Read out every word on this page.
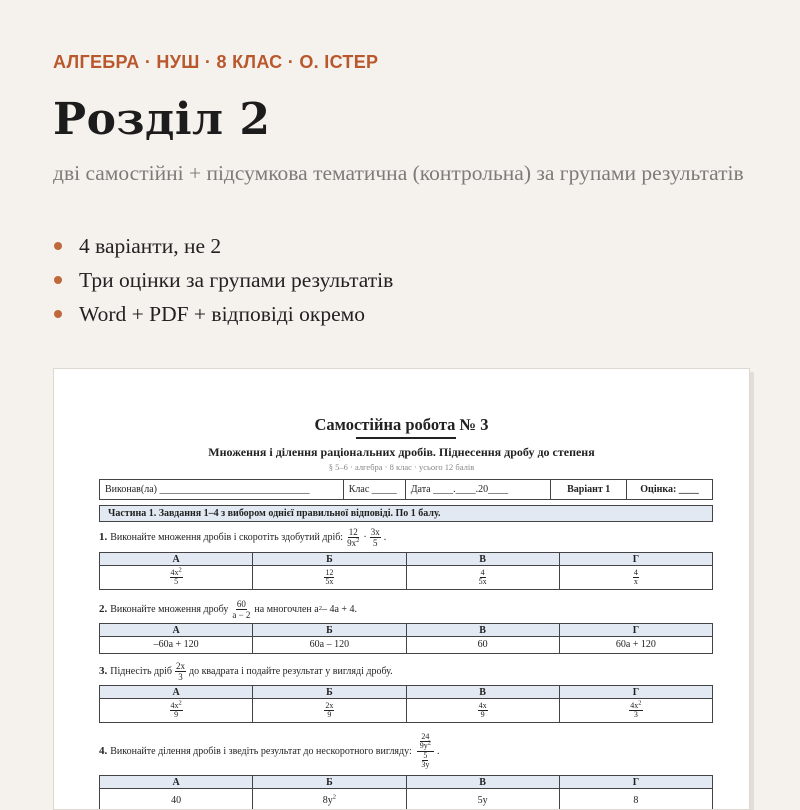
АЛГЕБРА · НУШ · 8 КЛАС · О. ІСТЕР
Розділ 2
дві самостійні + підсумкова тематична (контрольна) за групами результатів
4 варіанти, не 2
Три оцінки за групами результатів
Word + PDF + відповіді окремо
Самостійна робота № 3
Множення і ділення раціональних дробів. Піднесення дробу до степеня
§ 5–6 · алгебра · 8 клас · усього 12 балів
Виконав(ла) ______________________________	Клас _____	Дата ____.____.20____	Варіант 1	Оцінка: ____
Частина 1. Завдання 1–4 з вибором однієї правильної відповіді. По 1 балу.
1. Виконайте множення дробів і скоротіть здобутий дріб: $\frac{12}{9x^2} \cdot \frac{3x}{5}$ .
А	Б	В	Г

$\frac{4x^2}{5}$	$\frac{12}{5x}$	$\frac{4}{5x}$	$\frac{4}{x}$
2. Виконайте множення дробу $\frac{60}{a - 2}$ на многочлен a 2 – 4a + 4.
А	Б	В	Г
–60a + 120	60a – 120	60	60a + 120
3. Піднесіть дріб $\frac{2x}{3}$ до квадрата і подайте результат у вигляді дробу.
А	Б	В	Г

$\frac{4x^2}{9}$	$\frac{2x}{9}$	$\frac{4x}{9}$	$\frac{4x^2}{3}$
4. Виконайте ділення дробів і зведіть результат до нескоротного вигляду: $\frac{\frac{24}{9y^2}}{\frac{5}{3y}}$ .
А	Б	В	Г
40	$8y^2$	5y	8
